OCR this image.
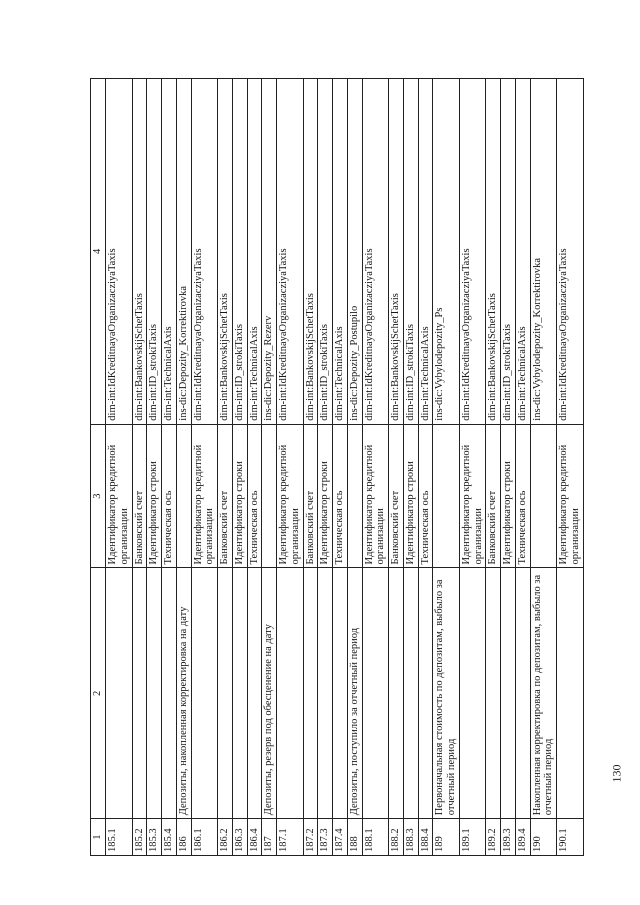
1	2	3	4
185.1		Идентификатор кредитной организации	dim-int:IdKreditnayaOrganizacziyaTaxis
185.2		Банковский счет	dim-int:BankovskijSchetTaxis
185.3		Идентификатор строки	dim-int:ID_strokiTaxis
185.4		Техническая ось	dim-int:TechnicalAxis
186	Депозиты, накопленная корректировка на дату		ins-dic:Depozity_Korrektirovka
186.1		Идентификатор кредитной организации	dim-int:IdKreditnayaOrganizacziyaTaxis
186.2		Банковский счет	dim-int:BankovskijSchetTaxis
186.3		Идентификатор строки	dim-int:ID_strokiTaxis
186.4		Техническая ось	dim-int:TechnicalAxis
187	Депозиты, резерв под обесценение на дату		ins-dic:Depozity_Rezerv
187.1		Идентификатор кредитной организации	dim-int:IdKreditnayaOrganizacziyaTaxis
187.2		Банковский счет	dim-int:BankovskijSchetTaxis
187.3		Идентификатор строки	dim-int:ID_strokiTaxis
187.4		Техническая ось	dim-int:TechnicalAxis
188	Депозиты, поступило за отчетный период		ins-dic:Depozity_Postupilo
188.1		Идентификатор кредитной организации	dim-int:IdKreditnayaOrganizacziyaTaxis
188.2		Банковский счет	dim-int:BankovskijSchetTaxis
188.3		Идентификатор строки	dim-int:ID_strokiTaxis
188.4		Техническая ось	dim-int:TechnicalAxis
189	Первоначальная стоимость по депозитам, выбыло за отчетный период		ins-dic:Vybylodepozity_Ps
189.1		Идентификатор кредитной организации	dim-int:IdKreditnayaOrganizacziyaTaxis
189.2		Банковский счет	dim-int:BankovskijSchetTaxis
189.3		Идентификатор строки	dim-int:ID_strokiTaxis
189.4		Техническая ось	dim-int:TechnicalAxis
190	Накопленная корректировка по депозитам, выбыло за отчетный период		ins-dic:Vybylodepozity_Korrektirovka
190.1		Идентификатор кредитной организации	dim-int:IdKreditnayaOrganizacziyaTaxis
130
